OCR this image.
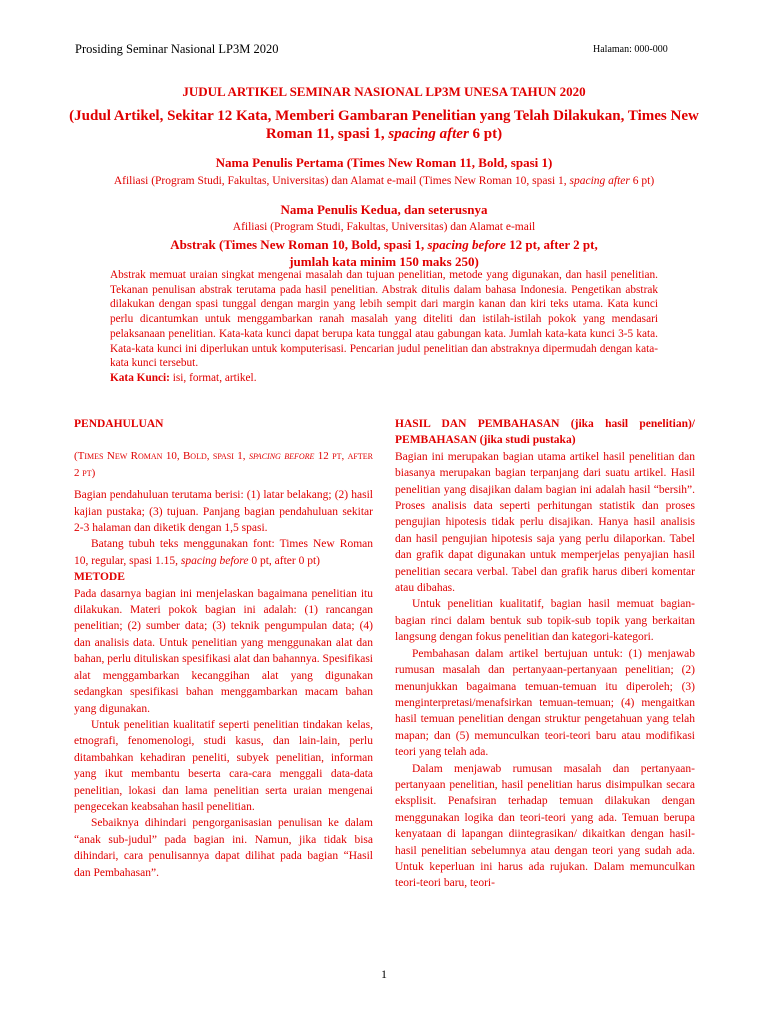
Prosiding Seminar Nasional LP3M 2020	Halaman: 000-000
JUDUL ARTIKEL SEMINAR NASIONAL LP3M UNESA TAHUN 2020
(Judul Artikel, Sekitar 12 Kata, Memberi Gambaran Penelitian yang Telah Dilakukan, Times New Roman 11, spasi 1, spacing after 6 pt)
Nama Penulis Pertama (Times New Roman 11, Bold, spasi 1)
Afiliasi (Program Studi, Fakultas, Universitas) dan Alamat e-mail (Times New Roman 10, spasi 1, spacing after 6 pt)
Nama Penulis Kedua, dan seterusnya
Afiliasi (Program Studi, Fakultas, Universitas) dan Alamat e-mail
Abstrak (Times New Roman 10, Bold, spasi 1, spacing before 12 pt, after 2 pt,
jumlah kata minim 150 maks 250)
Abstrak memuat uraian singkat mengenai masalah dan tujuan penelitian, metode yang digunakan, dan hasil penelitian. Tekanan penulisan abstrak terutama pada hasil penelitian. Abstrak ditulis dalam bahasa Indonesia. Pengetikan abstrak dilakukan dengan spasi tunggal dengan margin yang lebih sempit dari margin kanan dan kiri teks utama. Kata kunci perlu dicantumkan untuk menggambarkan ranah masalah yang diteliti dan istilah-istilah pokok yang mendasari pelaksanaan penelitian. Kata-kata kunci dapat berupa kata tunggal atau gabungan kata. Jumlah kata-kata kunci 3-5 kata. Kata-kata kunci ini diperlukan untuk komputerisasi. Pencarian judul penelitian dan abstraknya dipermudah dengan kata-kata kunci tersebut.
Kata Kunci: isi, format, artikel.

PENDAHULUAN

(Times New Roman 10, Bold, spasi 1, spacing before 12 pt, after 2 pt)

Bagian pendahuluan terutama berisi: (1) latar belakang; (2) hasil kajian pustaka; (3) tujuan. Panjang bagian pendahuluan sekitar 2-3 halaman dan diketik dengan 1,5 spasi.

Batang tubuh teks menggunakan font: Times New Roman 10, regular, spasi 1.15, spacing before 0 pt, after 0 pt)

METODE

Pada dasarnya bagian ini menjelaskan bagaimana penelitian itu dilakukan. Materi pokok bagian ini adalah: (1) rancangan penelitian; (2) sumber data; (3) teknik pengumpulan data; (4) dan analisis data. Untuk penelitian yang menggunakan alat dan bahan, perlu dituliskan spesifikasi alat dan bahannya. Spesifikasi alat menggambarkan kecanggihan alat yang digunakan sedangkan spesifikasi bahan menggambarkan macam bahan yang digunakan.

Untuk penelitian kualitatif seperti penelitian tindakan kelas, etnografi, fenomenologi, studi kasus, dan lain-lain, perlu ditambahkan kehadiran peneliti, subyek penelitian, informan yang ikut membantu beserta cara-cara menggali data-data penelitian, lokasi dan lama penelitian serta uraian mengenai pengecekan keabsahan hasil penelitian.

Sebaiknya dihindari pengorganisasian penulisan ke dalam “anak sub-judul” pada bagian ini. Namun, jika tidak bisa dihindari, cara penulisannya dapat dilihat pada bagian “Hasil dan Pembahasan”.

HASIL DAN PEMBAHASAN (jika hasil penelitian)/ PEMBAHASAN (jika studi pustaka)

Bagian ini merupakan bagian utama artikel hasil penelitian dan biasanya merupakan bagian terpanjang dari suatu artikel. Hasil penelitian yang disajikan dalam bagian ini adalah hasil “bersih”. Proses analisis data seperti perhitungan statistik dan proses pengujian hipotesis tidak perlu disajikan. Hanya hasil analisis dan hasil pengujian hipotesis saja yang perlu dilaporkan. Tabel dan grafik dapat digunakan untuk memperjelas penyajian hasil penelitian secara verbal. Tabel dan grafik harus diberi komentar atau dibahas.

Untuk penelitian kualitatif, bagian hasil memuat bagian-bagian rinci dalam bentuk sub topik-sub topik yang berkaitan langsung dengan fokus penelitian dan kategori-kategori.

Pembahasan dalam artikel bertujuan untuk: (1) menjawab rumusan masalah dan pertanyaan-pertanyaan penelitian; (2) menunjukkan bagaimana temuan-temuan itu diperoleh; (3) menginterpretasi/menafsirkan temuan-temuan; (4) mengaitkan hasil temuan penelitian dengan struktur pengetahuan yang telah mapan; dan (5) memunculkan teori-teori baru atau modifikasi teori yang telah ada.

Dalam menjawab rumusan masalah dan pertanyaan-pertanyaan penelitian, hasil penelitian harus disimpulkan secara eksplisit. Penafsiran terhadap temuan dilakukan dengan menggunakan logika dan teori-teori yang ada. Temuan berupa kenyataan di lapangan diintegrasikan/ dikaitkan dengan hasil-hasil penelitian sebelumnya atau dengan teori yang sudah ada. Untuk keperluan ini harus ada rujukan. Dalam memunculkan teori-teori baru, teori-

1
